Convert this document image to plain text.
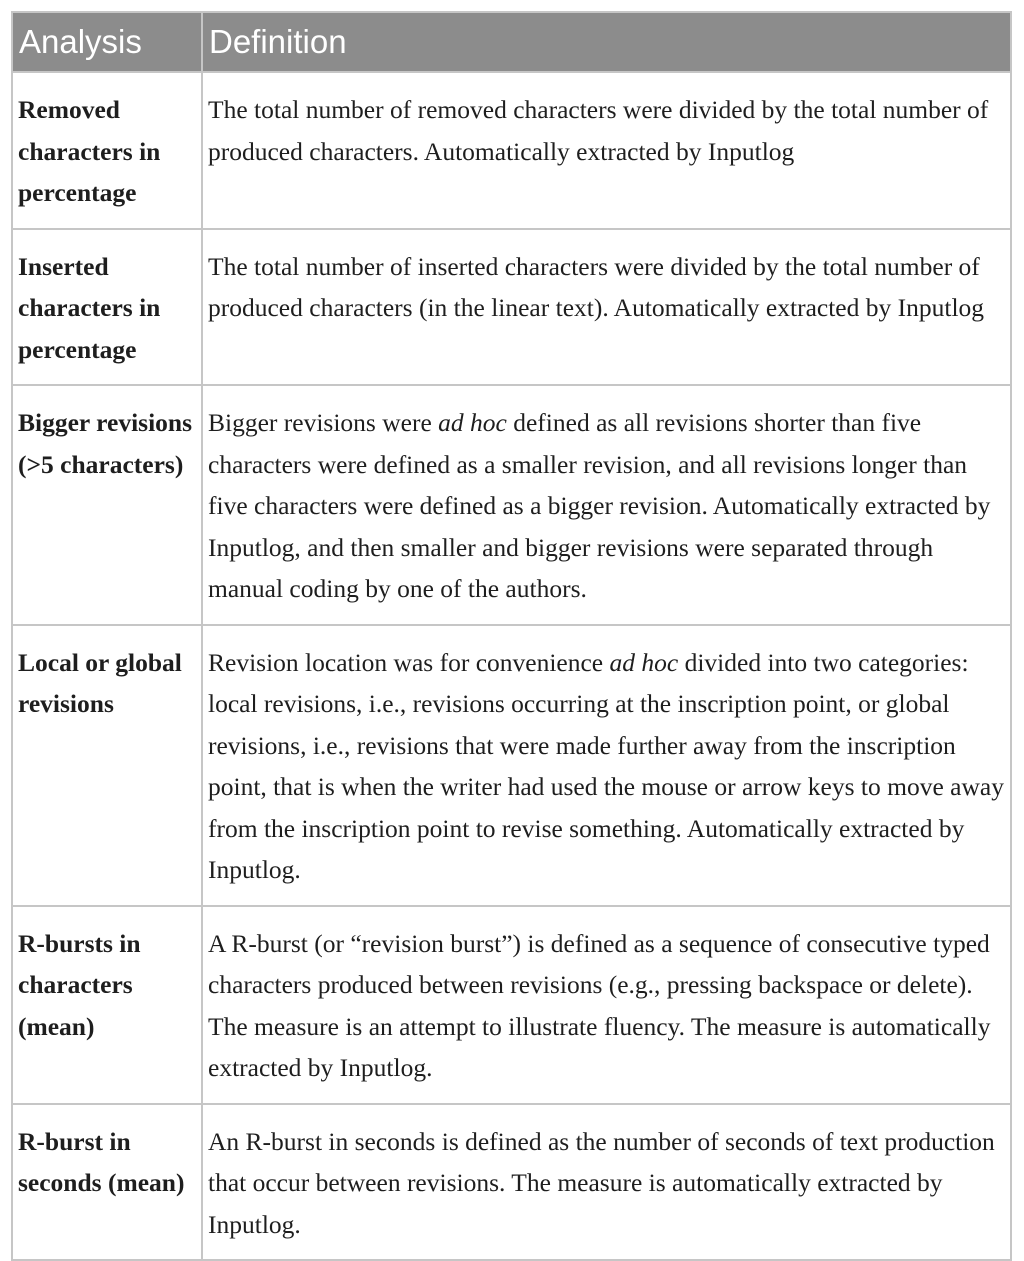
Analysis	Definition
Removed characters in percentage	The total number of removed characters were divided by the total number of produced characters. Automatically extracted by Inputlog
Inserted characters in percentage	The total number of inserted characters were divided by the total number of produced characters (in the linear text). Automatically extracted by Inputlog
Bigger revisions (>5 characters)	Bigger revisions were ad hoc defined as all revisions shorter than five characters were defined as a smaller revision, and all revisions longer than five characters were defined as a bigger revision. Automatically extracted by Inputlog, and then smaller and bigger revisions were separated through manual coding by one of the authors.
Local or global revisions	Revision location was for convenience ad hoc divided into two categories: local revisions, i.e., revisions occurring at the inscription point, or global revisions, i.e., revisions that were made further away from the inscription point, that is when the writer had used the mouse or arrow keys to move away from the inscription point to revise something. Automatically extracted by Inputlog.
R-bursts in characters (mean)	A R-burst (or “revision burst”) is defined as a sequence of consecutive typed characters produced between revisions (e.g., pressing backspace or delete). The measure is an attempt to illustrate fluency. The measure is automatically extracted by Inputlog.
R-burst in seconds (mean)	An R-burst in seconds is defined as the number of seconds of text production that occur between revisions. The measure is automatically extracted by Inputlog.
